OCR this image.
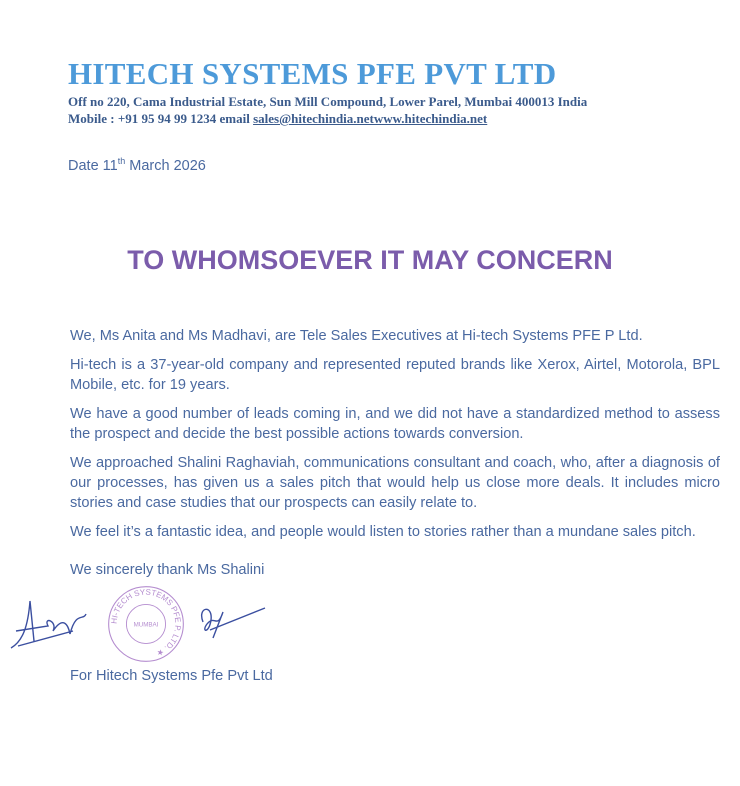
HITECH SYSTEMS PFE PVT LTD
Off no 220, Cama Industrial Estate, Sun Mill Compound, Lower Parel, Mumbai 400013 India
Mobile : +91 95 94 99 1234 email sales@hitechindia.netwww.hitechindia.net
Date 11th March 2026
TO WHOMSOEVER IT MAY CONCERN

We, Ms Anita and Ms Madhavi, are Tele Sales Executives at Hi-tech Systems PFE P Ltd.

Hi-tech is a 37-year-old company and represented reputed brands like Xerox, Airtel, Motorola, BPL Mobile, etc. for 19 years.

We have a good number of leads coming in, and we did not have a standardized method to assess the prospect and decide the best possible actions towards conversion.

We approached Shalini Raghaviah, communications consultant and coach, who, after a diagnosis of our processes, has given us a sales pitch that would help us close more deals. It includes micro stories and case studies that our prospects can easily relate to.

We feel it’s a fantastic idea, and people would listen to stories rather than a mundane sales pitch.

We sincerely thank Ms Shalini
HI-TECH SYSTEMS PFE P. LTD. ★
MUMBAI
For Hitech Systems Pfe Pvt Ltd
